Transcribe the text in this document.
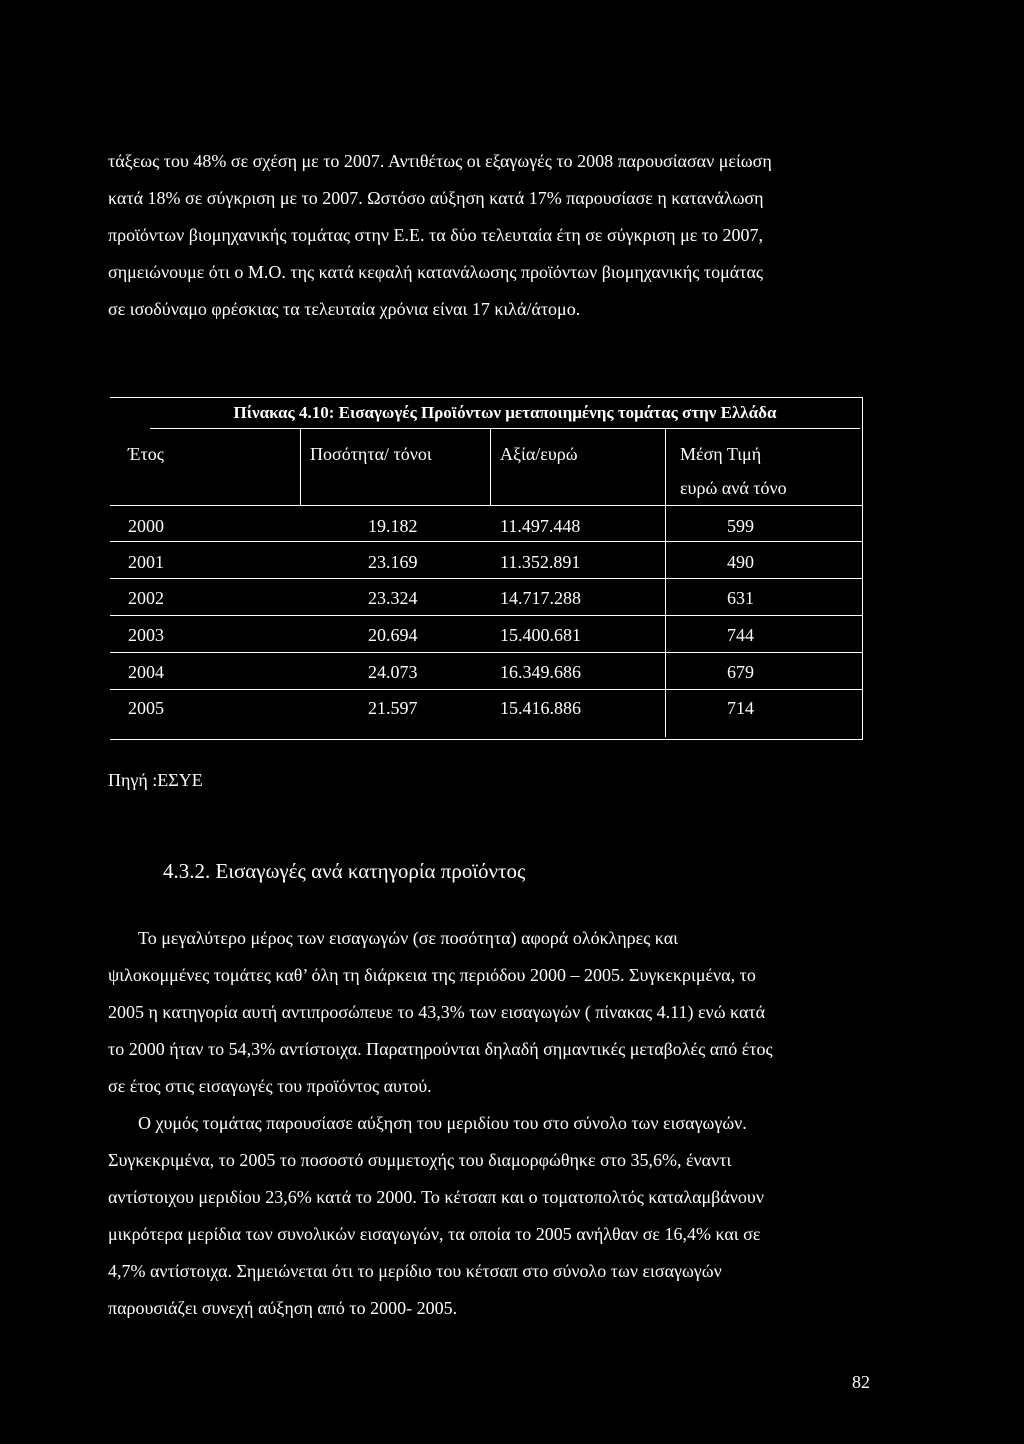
τάξεως του 48% σε σχέση με το 2007. Αντιθέτως οι εξαγωγές το 2008 παρουσίασαν μείωση
κατά 18% σε σύγκριση με το 2007. Ωστόσο αύξηση κατά 17% παρουσίασε η κατανάλωση
προϊόντων βιομηχανικής τομάτας στην Ε.Ε. τα δύο τελευταία έτη σε σύγκριση με το 2007,
σημειώνουμε ότι ο Μ.Ο. της κατά κεφαλή κατανάλωσης προϊόντων βιομηχανικής τομάτας
σε ισοδύναμο φρέσκιας τα τελευταία χρόνια είναι 17 κιλά/άτομο.

Πίνακας 4.10: Εισαγωγές Προϊόντων μεταποιημένης τομάτας στην Ελλάδα
Έτος	Ποσότητα/ τόνοι	Αξία/ευρώ	Μέση Τιμή
ευρώ ανά τόνο
2000	19.182	11.497.448	599
2001	23.169	11.352.891	490
2002	23.324	14.717.288	631
2003	20.694	15.400.681	744
2004	24.073	16.349.686	679
2005	21.597	15.416.886	714
Πηγή :ΕΣΥΕ
4.3.2. Εισαγωγές ανά κατηγορία προϊόντος

Το μεγαλύτερο μέρος των εισαγωγών (σε ποσότητα) αφορά ολόκληρες και
ψιλοκομμένες τομάτες καθ’ όλη τη διάρκεια της περιόδου 2000 – 2005. Συγκεκριμένα, το
2005 η κατηγορία αυτή αντιπροσώπευε το 43,3% των εισαγωγών ( πίνακας 4.11) ενώ κατά
το 2000 ήταν το 54,3% αντίστοιχα. Παρατηρούνται δηλαδή σημαντικές μεταβολές από έτος
σε έτος στις εισαγωγές του προϊόντος αυτού.
Ο χυμός τομάτας παρουσίασε αύξηση του μεριδίου του στο σύνολο των εισαγωγών.
Συγκεκριμένα, το 2005 το ποσοστό συμμετοχής του διαμορφώθηκε στο 35,6%, έναντι
αντίστοιχου μεριδίου 23,6% κατά το 2000. Το κέτσαπ και ο τοματοπολτός καταλαμβάνουν
μικρότερα μερίδια των συνολικών εισαγωγών, τα οποία το 2005 ανήλθαν σε 16,4% και σε
4,7% αντίστοιχα. Σημειώνεται ότι το μερίδιο του κέτσαπ στο σύνολο των εισαγωγών
παρουσιάζει συνεχή αύξηση από το 2000- 2005.

82
